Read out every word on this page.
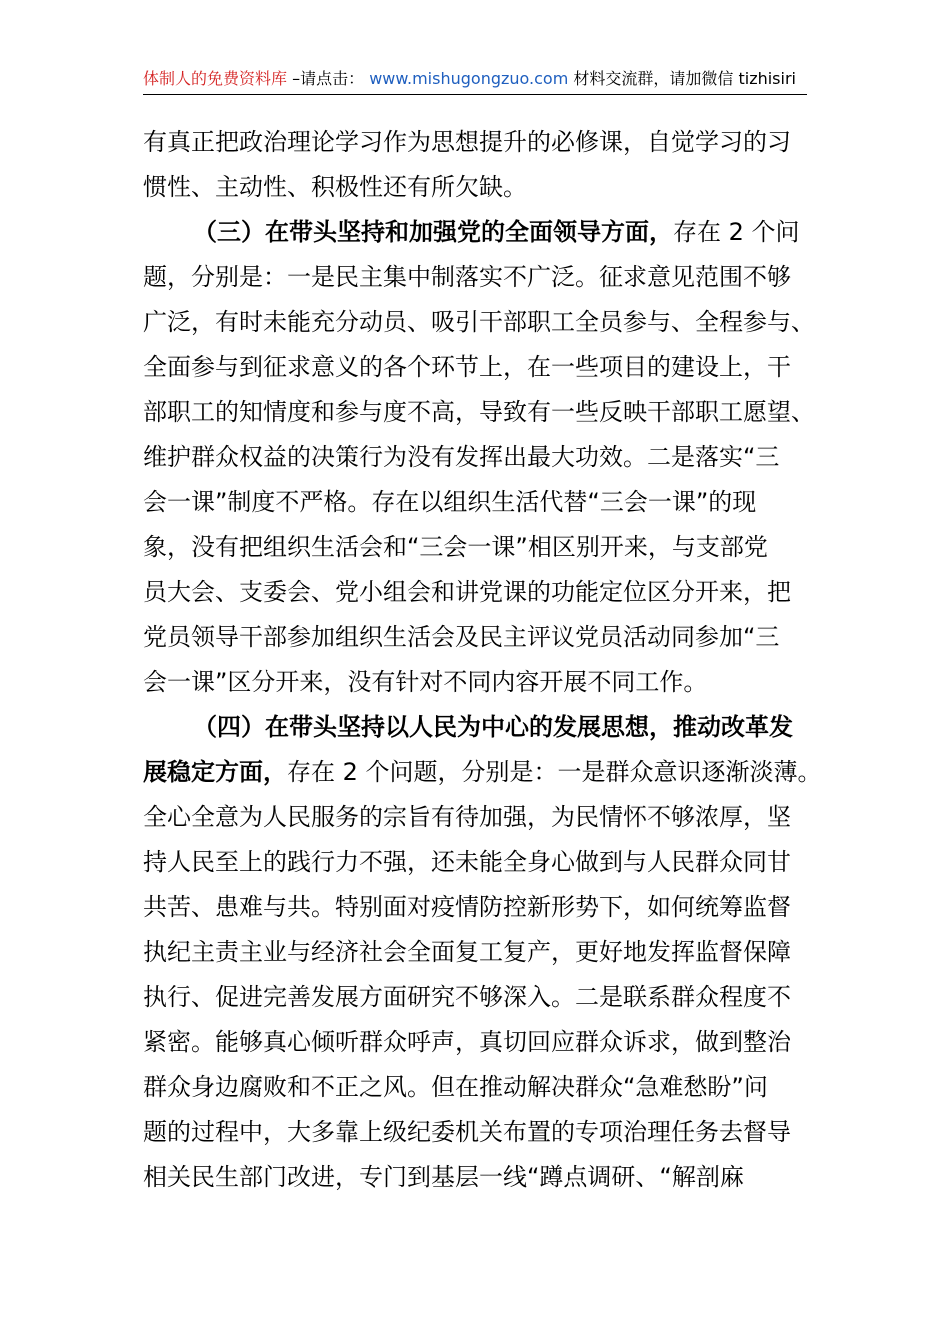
体制人的免费资料库 –请点击： www.mishugongzuo.com 材料交流群，请加微信 tizhisiri
有真正把政治理论学习作为思想提升的必修课，自觉学习的习
惯性、主动性、积极性还有所欠缺。
（三）在带头坚持和加强党的全面领导方面，存在 2 个问
题，分别是：一是民主集中制落实不广泛。征求意见范围不够
广泛，有时未能充分动员、吸引干部职工全员参与、全程参与、
全面参与到征求意义的各个环节上，在一些项目的建设上，干
部职工的知情度和参与度不高，导致有一些反映干部职工愿望、
维护群众权益的决策行为没有发挥出最大功效。二是落实“三
会一课”制度不严格。存在以组织生活代替“三会一课”的现
象，没有把组织生活会和“三会一课”相区别开来，与支部党
员大会、支委会、党小组会和讲党课的功能定位区分开来，把
党员领导干部参加组织生活会及民主评议党员活动同参加“三
会一课”区分开来，没有针对不同内容开展不同工作。
（四）在带头坚持以人民为中心的发展思想，推动改革发
展稳定方面，存在 2 个问题，分别是：一是群众意识逐渐淡薄。
全心全意为人民服务的宗旨有待加强，为民情怀不够浓厚，坚
持人民至上的践行力不强，还未能全身心做到与人民群众同甘
共苦、患难与共。特别面对疫情防控新形势下，如何统筹监督
执纪主责主业与经济社会全面复工复产，更好地发挥监督保障
执行、促进完善发展方面研究不够深入。二是联系群众程度不
紧密。能够真心倾听群众呼声，真切回应群众诉求，做到整治
群众身边腐败和不正之风。但在推动解决群众“急难愁盼”问
题的过程中，大多靠上级纪委机关布置的专项治理任务去督导
相关民生部门改进，专门到基层一线“蹲点调研、“解剖麻
